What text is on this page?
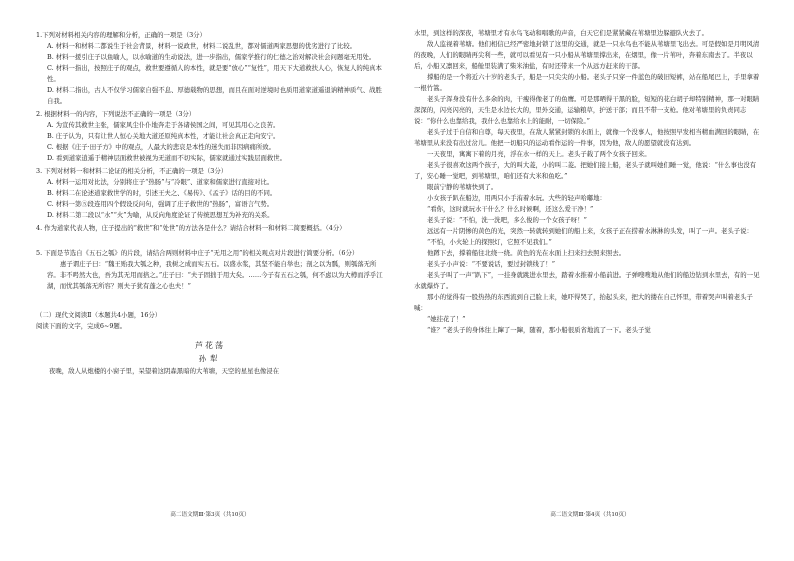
1.下列对材料相关内容的理解和分析，正确的一项是（3分）

A. 材料一和材料二都说生于社会背景，材料一说政世，材料二说乱世，都对儒道两家思想的优劣进行了比较。

B. 材料一援引庄子以鱼喻人，以水喻道的生动说法，进一步指出，儒家学推行的仁德之治对解决社会问题毫无用处。

C. 材料一指出，按照庄子的观点，救世要遵循人的本性，就是要“放心”“复性”，用天下大道救扶人心，恢复人的纯真本性。

D. 材料二指出，古人不仅学习儒家自强不息、厚德载物的思想，而且在面对逆境时也质用道家道遥退讷精神质气、战胜自我。

2. 根据材料一的内容，下列说法不正确的一项是（3分）

A. 为宣传其救世主张，儒家风尘仆仆地奔走于各诸侯国之间，可见其用心之良苦。

B. 庄子认为，只有让世人恒心关地大道还原纯真本性，才能让社会真正走向安宁。

C. 根据《庄子·田子方》中的观点，人最大的悲哀是本性的迷失而非因病痛所致。

D. 看到道家逍遥于精神层面救世被视为无道而不切实际，儒家就通过实践层面救世。

3. 下列对材料一和材料二论证的相关分析，不正确的一项是（3分）

A. 材料一运用对比法，分别将庄子“热肠”与“冷眼”、道家和儒家进行直接对比。

B. 材料二在论述道家救世学的时，引述王夫之、《易传》、《孟子》话的目的不同。

C. 材料一第⑤段连用四个假设反问句，强调了庄子救世的“热肠”，富语言气势。

D. 材料二第二段以“水”“火”为喻，从反向角度论证了传统思想互为补充的关系。

4. 作为道家代表人物，庄子提出的“救世”和“处世”的方法各是什么？请结合材料一和材料二简要概括。（4分）

5. 下面是节选自《五石之瓠》的片段，请结合两则材料中庄子“无用之用”的相关观点对片段进行简要分析。（6分）

惠子谓庄子曰：“魏王贻我大瓠之种，我树之成而实五石。以盛水浆，其坚不能自举也；剖之以为瓢，则瓠落无所容。非不呺然大也，吾为其无用而掊之。”庄子曰：“夫子固拙于用大矣。……今子有五石之瓠，何不虑以为大樽而浮乎江湖，而忧其瓠落无所容？则夫子犹有蓬之心也夫！”

（二）现代文阅读Ⅱ（本题共4小题，16分）

阅读下面的文字，完成6~9题。

芦花荡

孙犁

夜晚，敌人从炮楼的小窗子里，呆望着这阴森黑暗的大苇塘，天空的星星也像浸在

水里，到这样的深夜，苇塘里才有水鸟飞动和唱歌的声音，白天它们是紧紧藏在苇塘里边躲避队火去了。

敌人监视着苇塘。他们相信已经严密地封锁了这里的交通，就是一只水鸟也不能从苇塘里飞出去。可是假如是月明风清的夜晚，人们的眼睛再尖利一些，就可以看见有一只小船从苇塘里撑出来，在烟里，像一片苇叶，奔着东南去了。半夜以后，小船又凛回来，船舱里装满了柴米油盐，有时还带来一个从远方赶来的干部。

撑船的是一个将近六十岁的老头子，船是一只尖尖的小船。老头子只穿一件蓝色的破旧短裤，站在船尾巴上，手里拿着一根竹篙。

老头子浑身没有什么多余的肉，干瘦得像老了的鱼鹰。可是那晒得干黑的脸，短短的花白胡子却特别精神，那一对眼睛深深的，闪亮闪亮的，天生是水边长大的，里外交通，运输粮草，护送干部；而且不带一支枪。他对苇塘里的负责同志说：“你什么也靠给我，我什么也靠给水上的能耐，一切保险。”

老头子过于自信和自尊，每天夜里，在敌人紧紧封锁的水面上，就像一个没事人，他按照早发相当精血满回的眼睛，在苇塘里从来没有出过岔儿。他把一切船只的运动看作运的一件事，因为他，敌人的愿望就没有达到。

一天夜里，寓寓下着的月亮，浮在水一样的天上。老头子载了两个女孩子回来。

老头子很喜欢这两个孩子，大的叫大菱，小的叫二菱。把她们接上船，老头子就叫她们睡一觉，他说：“什么事也没有了，安心睡一觉吧，到苇塘里，咱们还有大米和鱼吃。”

眼前宁静的苇塘快到了。

小女孩子趴在船边，用两只小手洧着水玩。大些的轻声哈嘟地：

“看你，这时就玩水干什么？什么时候啊，还这么爱干净！”

老头子说：“不怕，洗一洗吧，多么俊的一个女孩子呀！”

远远有一片阴惨的黄色的光，突然一转就转到她们的船上来，女孩子正在捞着水淋淋的头发，叫了一声。老头子说：

“不怕，小火轮上的探照灯，它照不见我们。”

他蹲下去，撑着船往北绕一绕。黄色的光在水面上扫来扫去照来照去。

老头子小声说：“不要说话，要过封锁线了！”

老头子叫了一声“趴下”，一挂身就跳进水里去，踏着水推着小船前进。子弹嗖嗖地从他们的船边钻到水里去，有的一见水就爆炸了。

那小的觉得有一股热热的东西流到自己脸上来，她吓得哭了，抬起头来，把大的搂在自己怀里，带着哭声叫着老头子喊：

“她挂花了！”

“谁？”老头子的身体往上蹿了一蹿，随着，那小船很质省地流了一下。老头子觉

高二语文期Ⅲ·第3页（共10页）	高二语文期Ⅲ·第4页（共10页）
